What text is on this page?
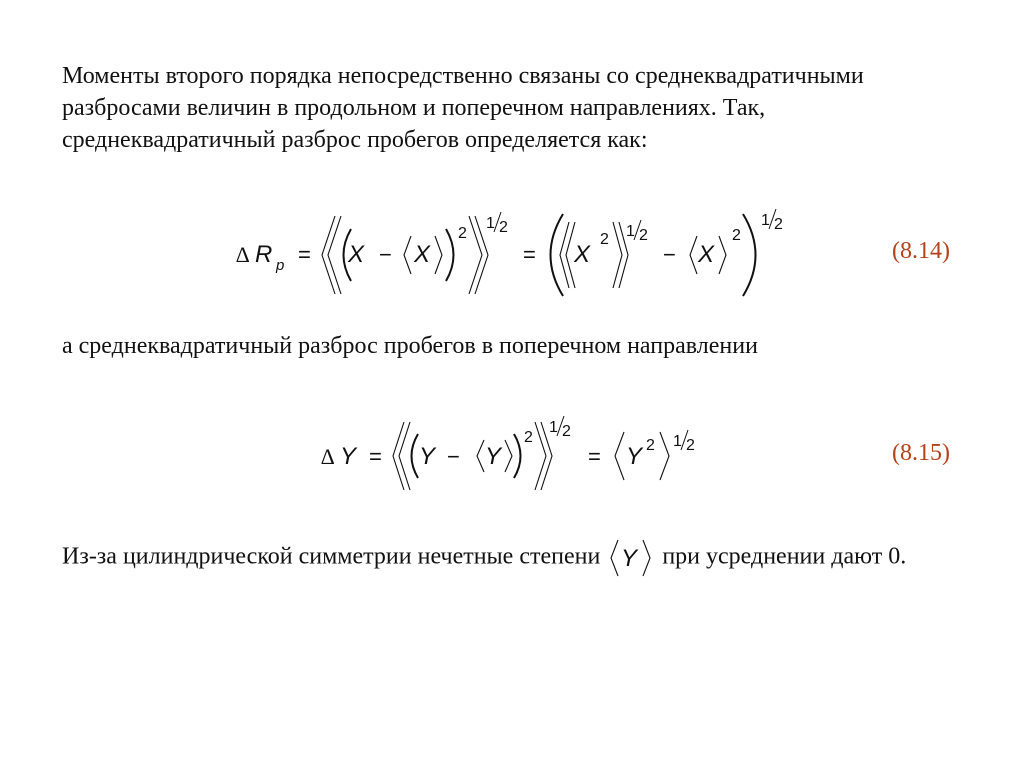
Моменты второго порядка непосредственно связаны со среднеквадратичными разбросами величин в продольном и поперечном направлениях. Так, среднеквадратичный разброс пробегов определяется как:

∆ R p = X − X
2
1 2
= X
2 1 2
− X
2
1 2
(8.14)

а среднеквадратичный разброс пробегов в поперечном направлении

∆ Y = Y − Y
2
1 2
= Y 2 1 2	(8.15)

Из-за цилиндрической симметрии нечетные степени Y при усреднении дают 0.
